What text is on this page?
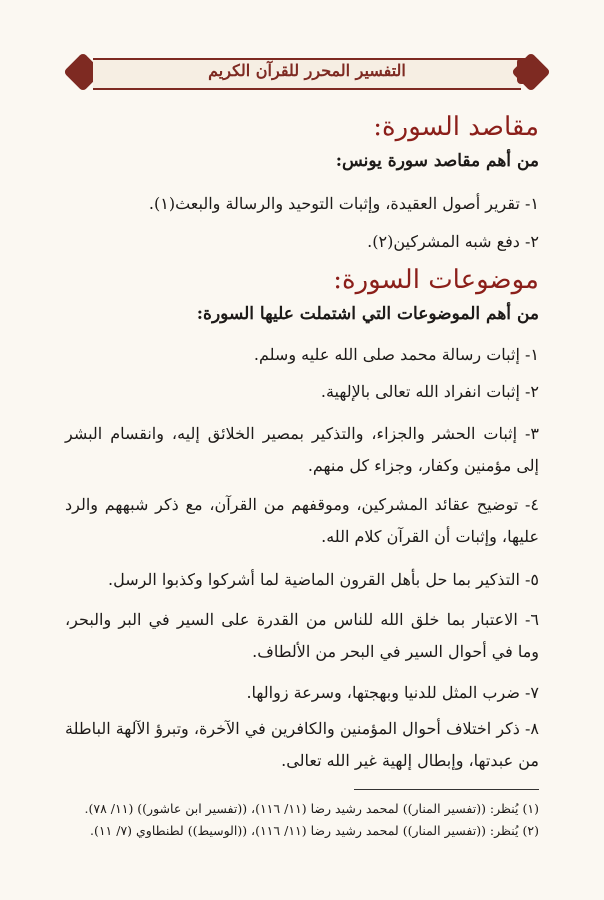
التفسير المحرر للقرآن الكريم
مقاصد السورة:
من أهم مقاصد سورة يونس:
١- تقرير أصول العقيدة، وإثبات التوحيد والرسالة والبعث(١).
٢- دفع شبه المشركين(٢).
موضوعات السورة:
من أهم الموضوعات التي اشتملت عليها السورة:
١- إثبات رسالة محمد صلى الله عليه وسلم.
٢- إثبات انفراد الله تعالى بالإلهية.
٣- إثبات الحشر والجزاء، والتذكير بمصير الخلائق إليه، وانقسام البشر إلى مؤمنين وكفار، وجزاء كل منهم.
٤- توضيح عقائد المشركين، وموقفهم من القرآن، مع ذكر شبههم والرد عليها، وإثبات أن القرآن كلام الله.
٥- التذكير بما حل بأهل القرون الماضية لما أشركوا وكذبوا الرسل.
٦- الاعتبار بما خلق الله للناس من القدرة على السير في البر والبحر، وما في أحوال السير في البحر من الألطاف.
٧- ضرب المثل للدنيا وبهجتها، وسرعة زوالها.
٨- ذكر اختلاف أحوال المؤمنين والكافرين في الآخرة، وتبرؤ الآلهة الباطلة من عبدتها، وإبطال إلهية غير الله تعالى.
(١) يُنظر: ((تفسير المنار)) لمحمد رشيد رضا (١١/ ١١٦)، ((تفسير ابن عاشور)) (١١/ ٧٨).
(٢) يُنظر: ((تفسير المنار)) لمحمد رشيد رضا (١١/ ١١٦)، ((الوسيط)) لطنطاوي (٧/ ١١).
